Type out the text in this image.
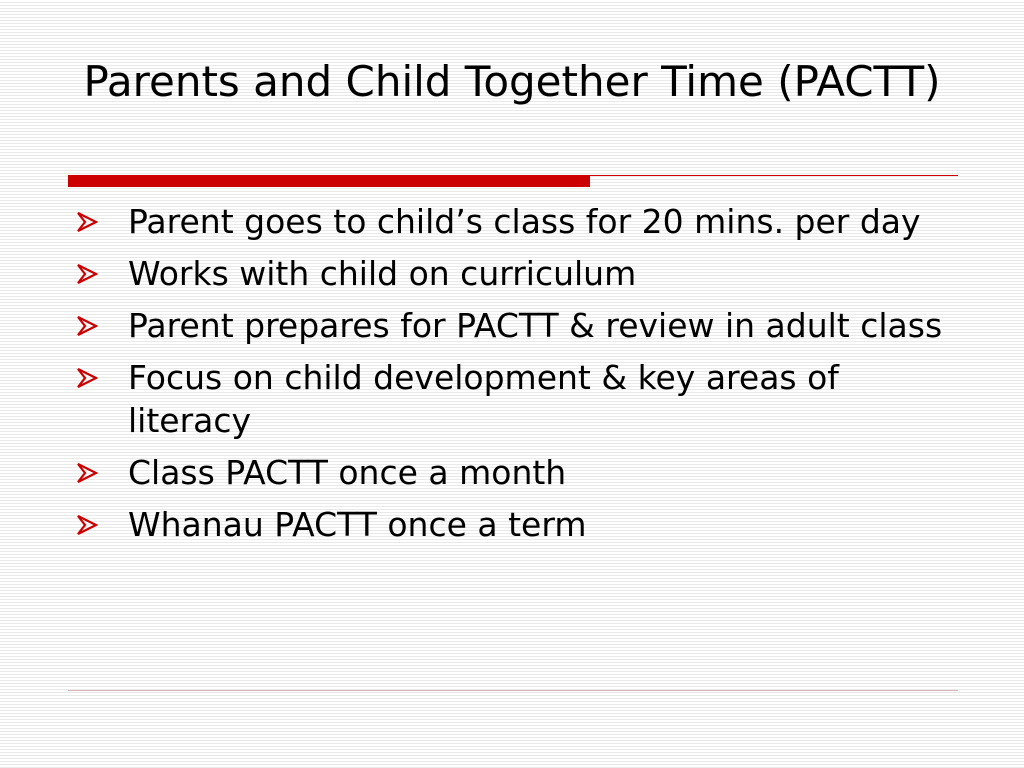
Parents and Child Together Time (PACTT)
Parent goes to child’s class for 20 mins. per day
Works with child on curriculum
Parent prepares for PACTT & review in adult class
Focus on child development & key areas of literacy
Class PACTT once a month
Whanau PACTT once a term
